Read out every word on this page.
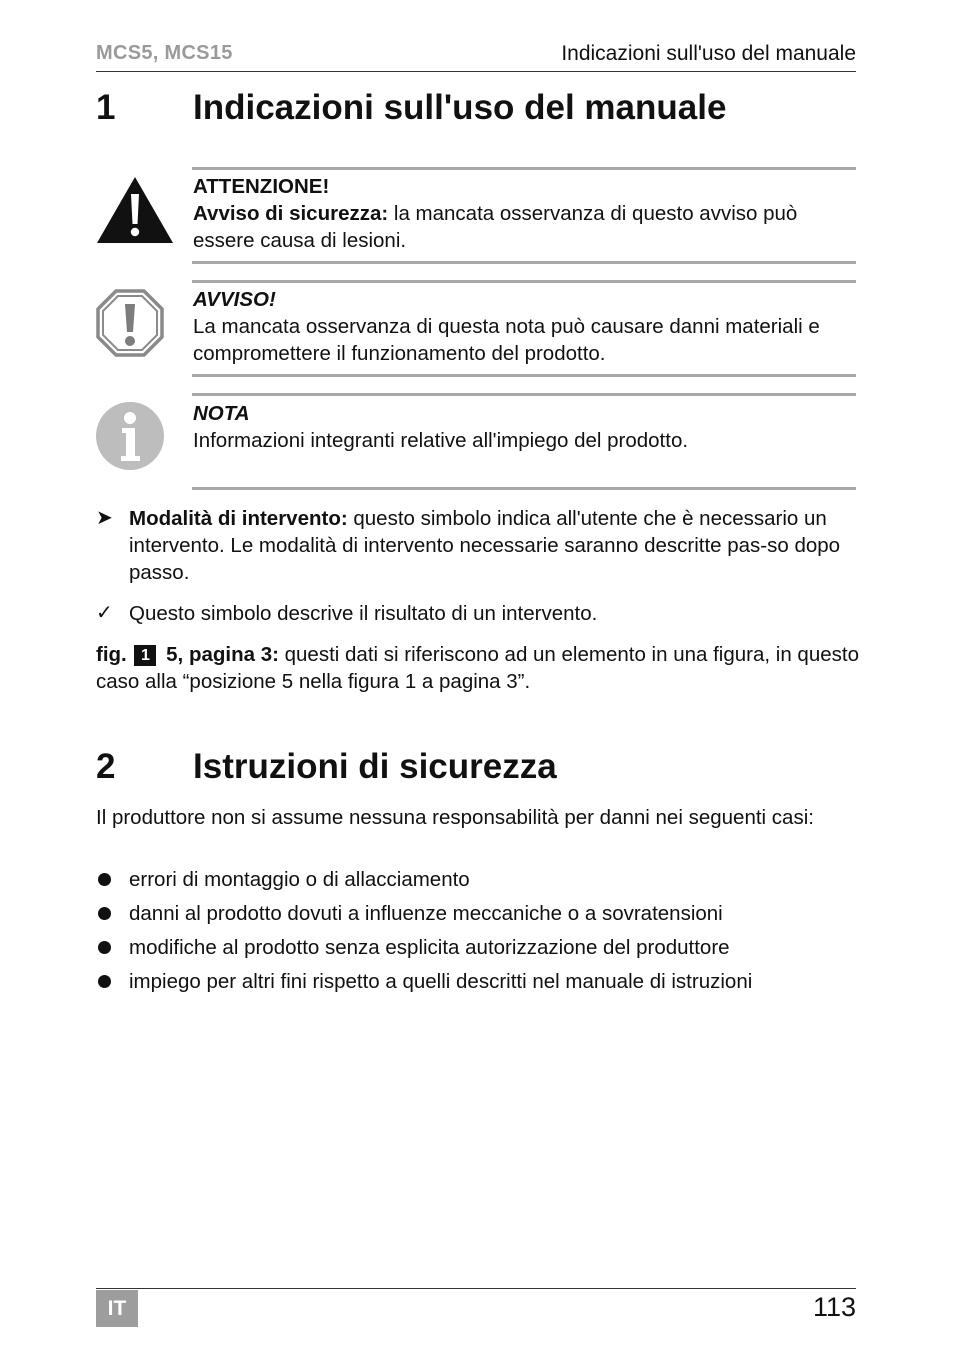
MCS5, MCS15	Indicazioni sull'uso del manuale
1 Indicazioni sull'uso del manuale
ATTENZIONE!
Avviso di sicurezza: la mancata osservanza di questo avviso può essere causa di lesioni.
AVVISO!
La mancata osservanza di questa nota può causare danni materiali e compromettere il funzionamento del prodotto.
NOTA
Informazioni integranti relative all'impiego del prodotto.
➤ Modalità di intervento: questo simbolo indica all'utente che è necessario un intervento. Le modalità di intervento necessarie saranno descritte pas-so dopo passo.
✓ Questo simbolo descrive il risultato di un intervento.
fig. 1 5, pagina 3: questi dati si riferiscono ad un elemento in una figura, in questo caso alla “posizione 5 nella figura 1 a pagina 3”.
2 Istruzioni di sicurezza
Il produttore non si assume nessuna responsabilità per danni nei seguenti casi:
errori di montaggio o di allacciamento
danni al prodotto dovuti a influenze meccaniche o a sovratensioni
modifiche al prodotto senza esplicita autorizzazione del produttore
impiego per altri fini rispetto a quelli descritti nel manuale di istruzioni
IT	113
